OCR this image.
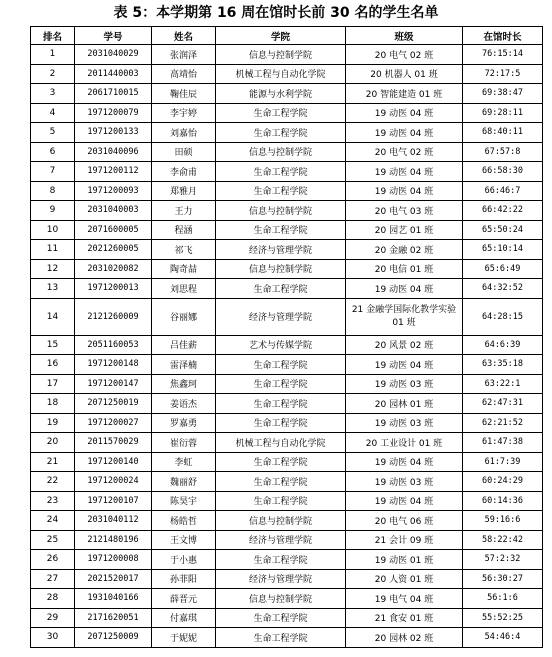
表 5：本学期第 16 周在馆时长前 30 名的学生名单
排名	学号	姓名	学院	班级	在馆时长
1	2031040029	张润泽	信息与控制学院	20 电气 02 班	76:15:14
2	2011440003	高靖怡	机械工程与自动化学院	20 机器人 01 班	72:17:5
3	2061710015	鞠佳辰	能源与水利学院	20 智能建造 01 班	69:38:47
4	1971200079	李宇婷	生命工程学院	19 动医 04 班	69:28:11
5	1971200133	刘嘉怡	生命工程学院	19 动医 04 班	68:40:11
6	2031040096	田硕	信息与控制学院	20 电气 02 班	67:57:8
7	1971200112	李俞甫	生命工程学院	19 动医 04 班	66:58:30
8	1971200093	郑雅月	生命工程学院	19 动医 04 班	66:46:7
9	2031040003	王力	信息与控制学院	20 电气 03 班	66:42:22
10	2071600005	程涵	生命工程学院	20 园艺 01 班	65:50:24
11	2021260005	祁飞	经济与管理学院	20 金融 02 班	65:10:14
12	2031020082	陶奇喆	信息与控制学院	20 电信 01 班	65:6:49
13	1971200013	刘思程	生命工程学院	19 动医 04 班	64:32:52
14	2121260009	谷丽娜	经济与管理学院	21 金融学国际化教学实验 01 班	64:28:15
15	2051160053	吕佳薪	艺术与传媒学院	20 风景 02 班	64:6:39
16	1971200148	雷泽楠	生命工程学院	19 动医 04 班	63:35:18
17	1971200147	焦鑫珂	生命工程学院	19 动医 03 班	63:22:1
18	2071250019	姜语杰	生命工程学院	20 园林 01 班	62:47:31
19	1971200027	罗嘉勇	生命工程学院	19 动医 03 班	62:21:52
20	2011570029	崔衍蓉	机械工程与自动化学院	20 工业设计 01 班	61:47:38
21	1971200140	李虹	生命工程学院	19 动医 04 班	61:7:39
22	1971200024	魏丽舒	生命工程学院	19 动医 03 班	60:24:29
23	1971200107	陈昊宇	生命工程学院	19 动医 04 班	60:14:36
24	2031040112	杨皓哲	信息与控制学院	20 电气 06 班	59:16:6
25	2121480196	王文博	经济与管理学院	21 会计 09 班	58:22:42
26	1971200008	于小惠	生命工程学院	19 动医 01 班	57:2:32
27	2021520017	孙菲阳	经济与管理学院	20 人资 01 班	56:30:27
28	1931040166	薛晋元	信息与控制学院	19 电气 04 班	56:1:6
29	2171620051	付嘉琪	生命工程学院	21 食安 01 班	55:52:25
30	2071250009	于妮妮	生命工程学院	20 园林 02 班	54:46:4
